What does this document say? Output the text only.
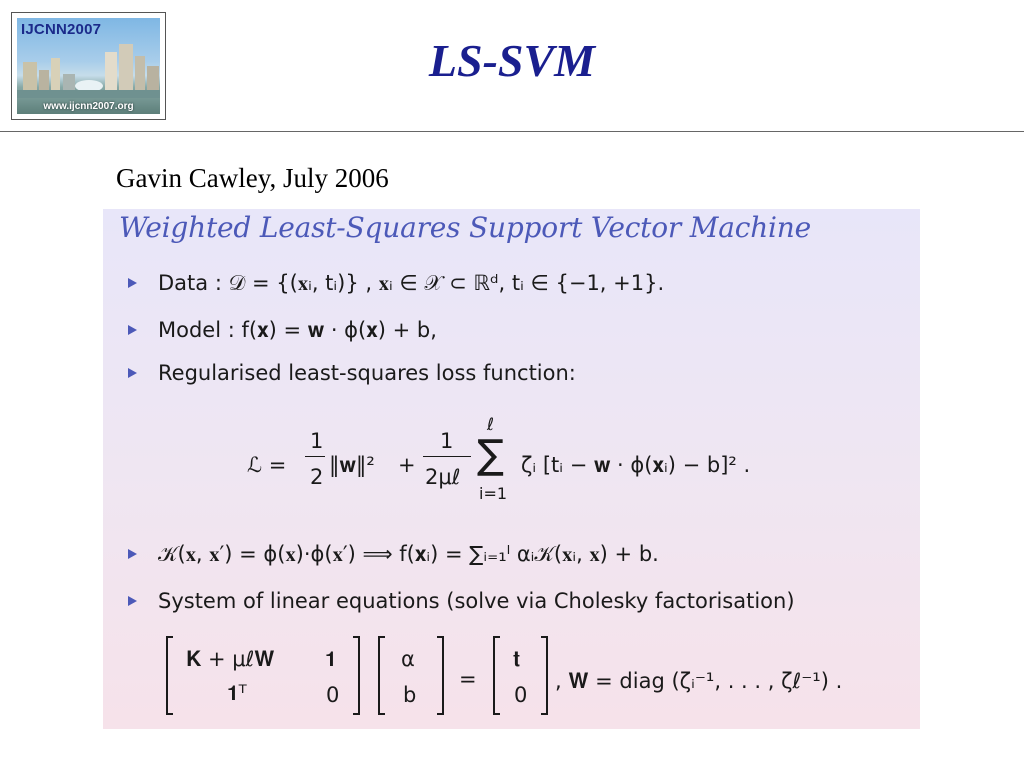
IJCNN2007
www.ijcnn2007.org
LS-SVM
Gavin Cawley, July 2006
Weighted Least-Squares Support Vector Machine
Data : 𝒟 = {(𝐱ᵢ, tᵢ)} , 𝐱ᵢ ∈ 𝒳 ⊂ ℝᵈ, tᵢ ∈ {−1, +1}.
Model : f(𝐱) = 𝐰 · ϕ(𝐱) + b,
Regularised least-squares loss function:
ℒ =
1
2 ‖𝐰‖² +
1
2μℓ
ℓ
∑
i=1
ζᵢ [tᵢ − 𝐰 · ϕ(𝐱ᵢ) − b]² .
𝒦(𝐱, 𝐱′) = ϕ(𝐱)·ϕ(𝐱′) ⟹ f(𝐱ᵢ) = ∑ᵢ₌₁ˡ αᵢ𝒦(𝐱ᵢ, 𝐱) + b.
System of linear equations (solve via Cholesky factorisation)
𝐊 + μℓ𝐖 𝟏
𝟏ᵀ	0
α
b
=
𝐭
0
, 𝐖 = diag (ζᵢ⁻¹, . . . , ζℓ⁻¹) .
